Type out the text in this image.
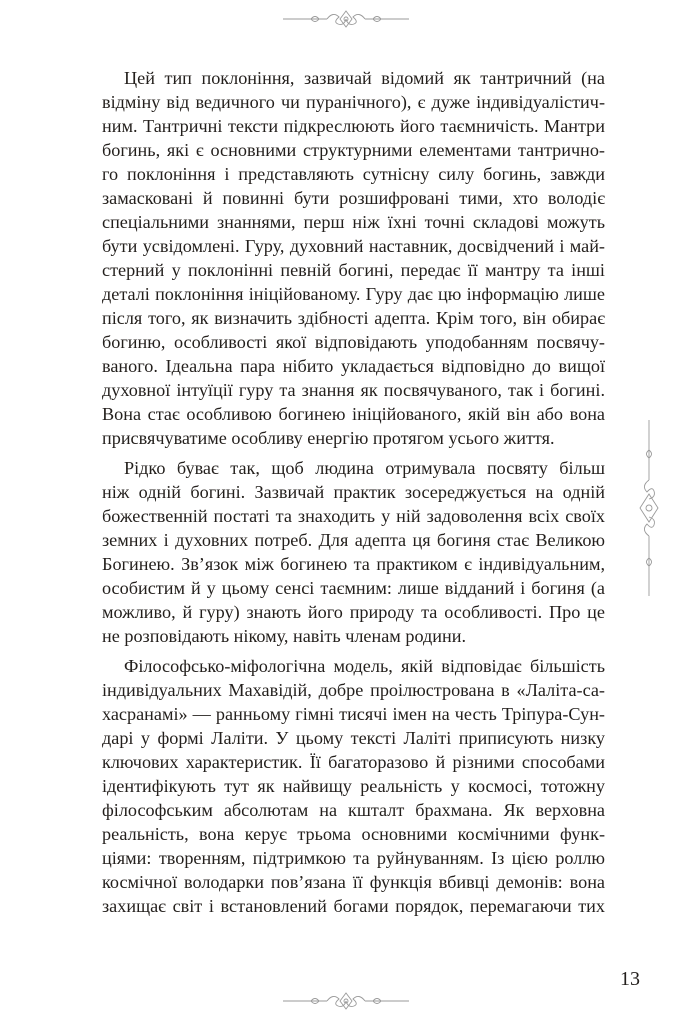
Цей тип поклоніння, зазвичай відомий як тантричний (на
відміну від ведичного чи пуранічного), є дуже індивідуалістич-
ним. Тантричні тексти підкреслюють його таємничість. Мантри
богинь, які є основними структурними елементами тантрично-
го поклоніння і представляють сутнісну силу богинь, завжди
замасковані й повинні бути розшифровані тими, хто володіє
спеціальними знаннями, перш ніж їхні точні складові можуть
бути усвідомлені. Гуру, духовний наставник, досвідчений і май-
стерний у поклонінні певній богині, передає її мантру та інші
деталі поклоніння ініційованому. Гуру дає цю інформацію лише
після того, як визначить здібності адепта. Крім того, він обирає
богиню, особливості якої відповідають уподобанням посвячу-
ваного. Ідеальна пара нібито укладається відповідно до вищої
духовної інтуїції гуру та знання як посвячуваного, так і богині.
Вона стає особливою богинею ініційованого, якій він або вона
присвячуватиме особливу енергію протягом усього життя.
Рідко буває так, щоб людина отримувала посвяту більш
ніж одній богині. Зазвичай практик зосереджується на одній
божественній постаті та знаходить у ній задоволення всіх своїх
земних і духовних потреб. Для адепта ця богиня стає Великою
Богинею. Зв’язок між богинею та практиком є індивідуальним,
особистим й у цьому сенсі таємним: лише відданий і богиня (а
можливо, й гуру) знають його природу та особливості. Про це
не розповідають нікому, навіть членам родини.
Філософсько-міфологічна модель, якій відповідає більшість
індивідуальних Махавідій, добре проілюстрована в «Лаліта-са-
хасранамі» — ранньому гімні тисячі імен на честь Тріпура-Сун-
дарі у формі Лаліти. У цьому тексті Лаліті приписують низку
ключових характеристик. Її багаторазово й різними способами
ідентифікують тут як найвищу реальність у космосі, тотожну
філософським абсолютам на кшталт брахмана. Як верховна
реальність, вона керує трьома основними космічними функ-
ціями: творенням, підтримкою та руйнуванням. Із цією роллю
космічної володарки пов’язана її функція вбивці демонів: вона
захищає світ і встановлений богами порядок, перемагаючи тих
13
